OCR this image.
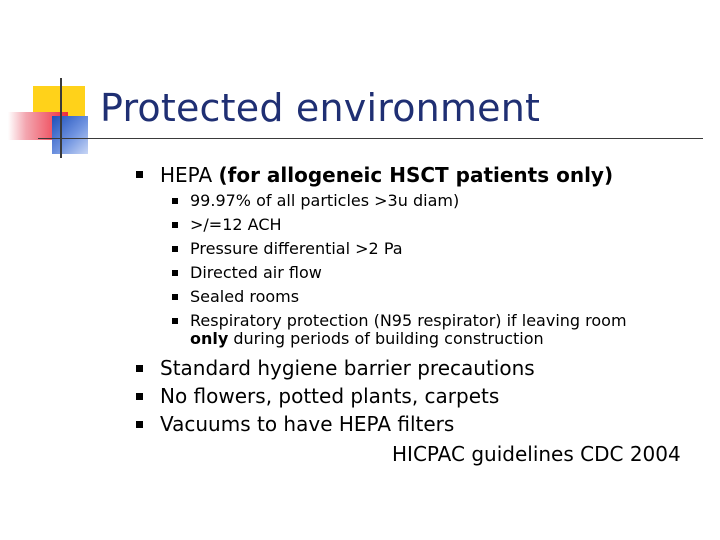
Protected environment
HEPA (for allogeneic HSCT patients only)
99.97% of all particles >3u diam)
>/=12 ACH
Pressure differential >2 Pa
Directed air flow
Sealed rooms
Respiratory protection (N95 respirator) if leaving room
only during periods of building construction
Standard hygiene barrier precautions
No flowers, potted plants, carpets
Vacuums to have HEPA filters
HICPAC guidelines CDC 2004
